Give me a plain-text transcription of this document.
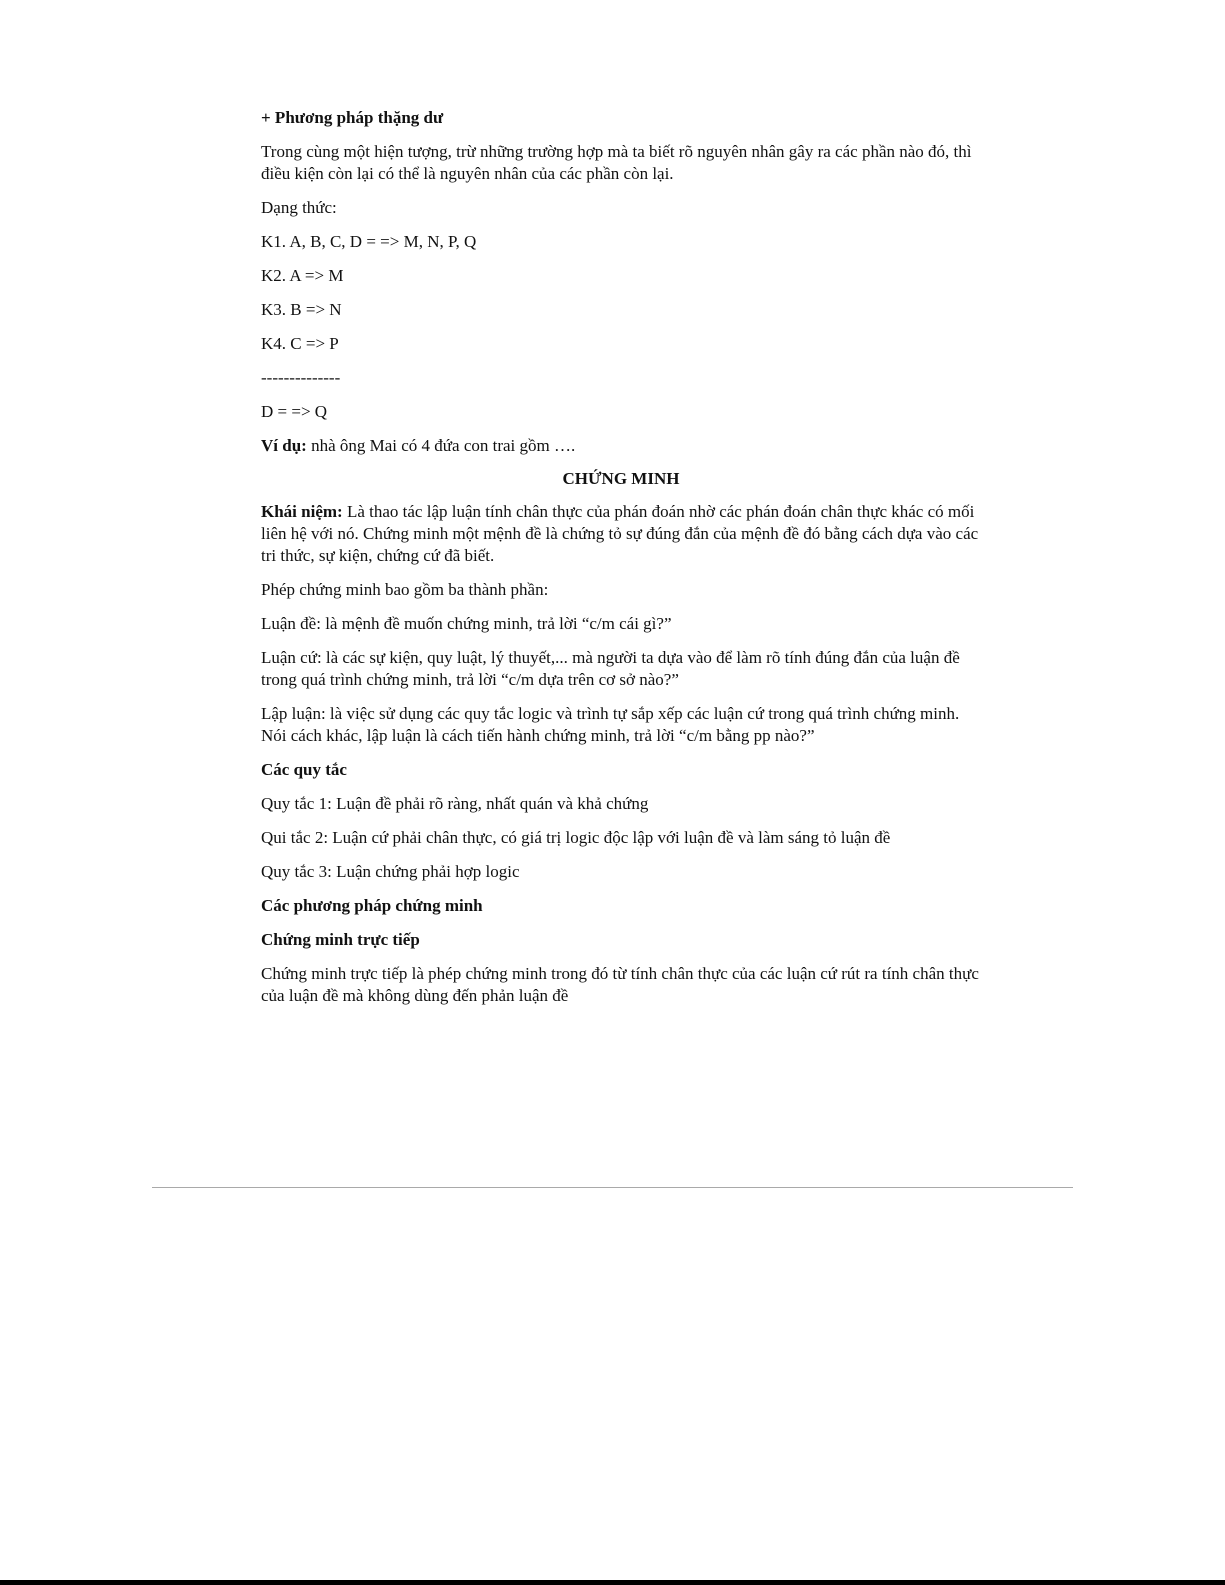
+ Phương pháp thặng dư

Trong cùng một hiện tượng, trừ những trường hợp mà ta biết rõ nguyên nhân gây ra các phần nào đó, thì điều kiện còn lại có thể là nguyên nhân của các phần còn lại.

Dạng thức:

K1. A, B, C, D = => M, N, P, Q

K2. A => M

K3. B => N

K4. C => P

--------------

D = => Q

Ví dụ: nhà ông Mai có 4 đứa con trai gồm ….

CHỨNG MINH

Khái niệm: Là thao tác lập luận tính chân thực của phán đoán nhờ các phán đoán chân thực khác có mối liên hệ với nó. Chứng minh một mệnh đề là chứng tỏ sự đúng đắn của mệnh đề đó bằng cách dựa vào các tri thức, sự kiện, chứng cứ đã biết.

Phép chứng minh bao gồm ba thành phần:

Luận đề: là mệnh đề muốn chứng minh, trả lời “c/m cái gì?”

Luận cứ: là các sự kiện, quy luật, lý thuyết,... mà người ta dựa vào để làm rõ tính đúng đắn của luận đề trong quá trình chứng minh, trả lời “c/m dựa trên cơ sở nào?”

Lập luận: là việc sử dụng các quy tắc logic và trình tự sắp xếp các luận cứ trong quá trình chứng minh. Nói cách khác, lập luận là cách tiến hành chứng minh, trả lời “c/m bằng pp nào?”

Các quy tắc

Quy tắc 1: Luận đề phải rõ ràng, nhất quán và khả chứng

Qui tắc 2: Luận cứ phải chân thực, có giá trị logic độc lập với luận đề và làm sáng tỏ luận đề

Quy tắc 3: Luận chứng phải hợp logic

Các phương pháp chứng minh

Chứng minh trực tiếp

Chứng minh trực tiếp là phép chứng minh trong đó từ tính chân thực của các luận cứ rút ra tính chân thực của luận đề mà không dùng đến phản luận đề
